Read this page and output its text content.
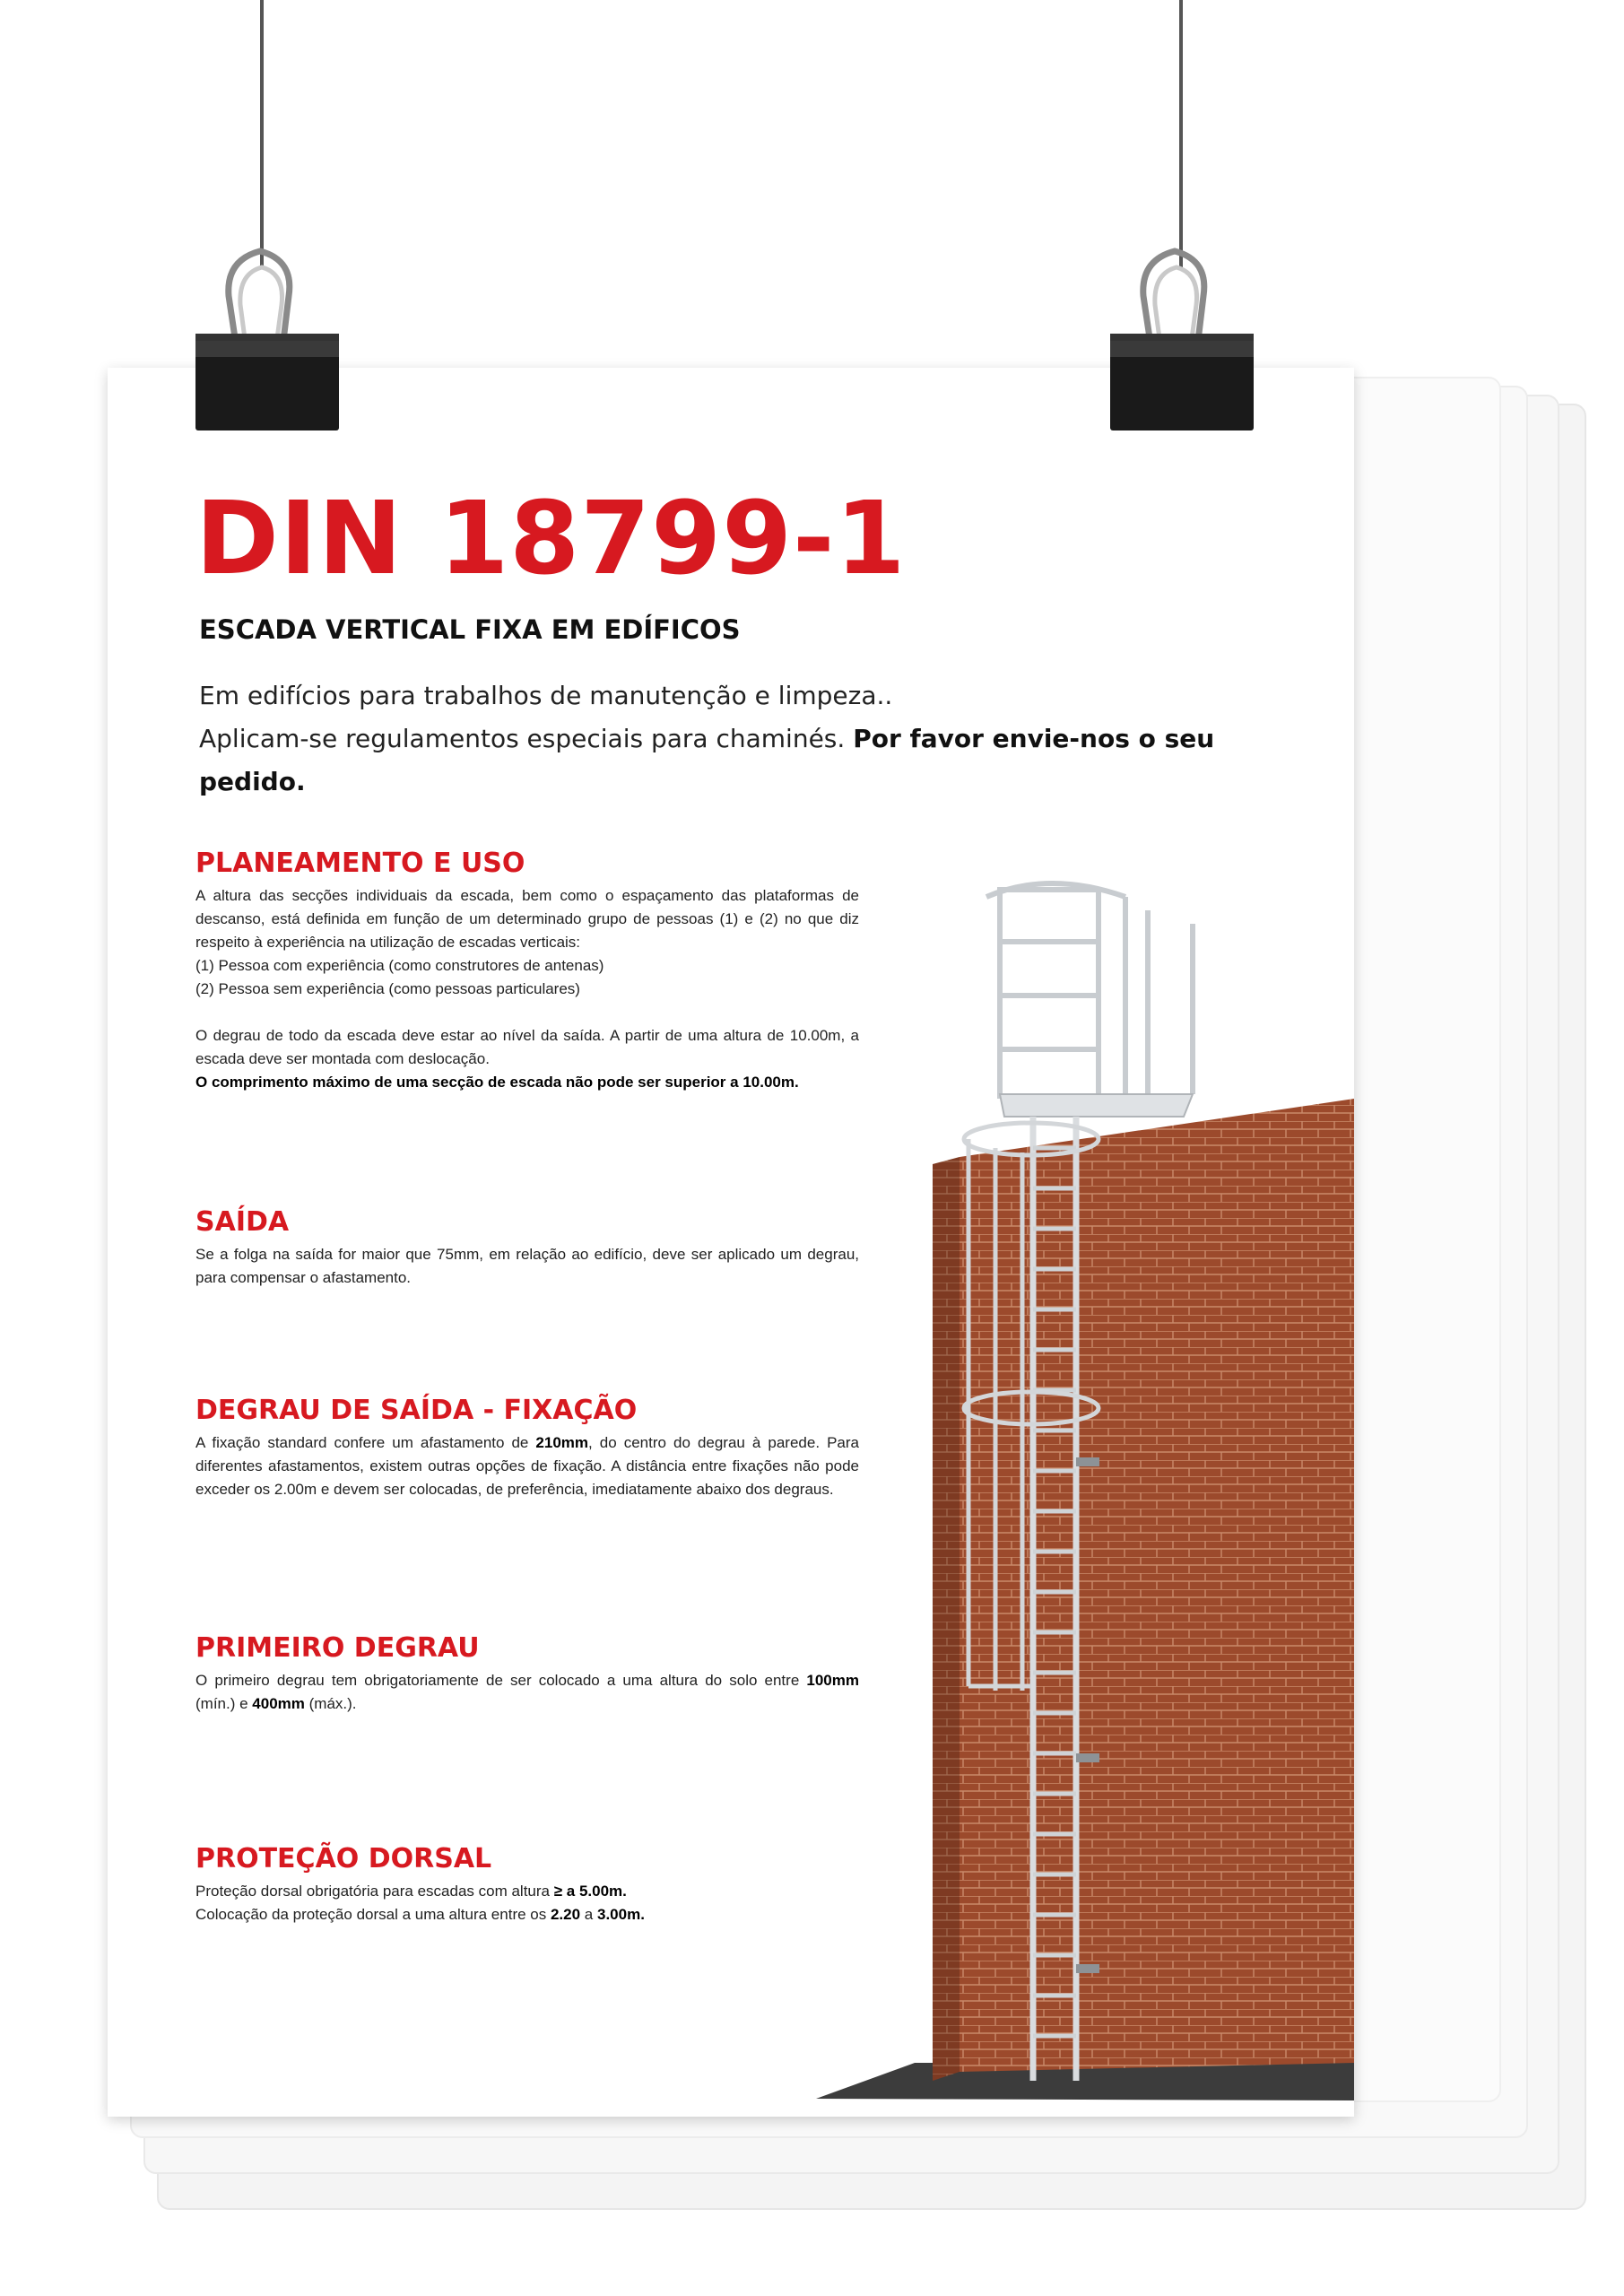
DIN 18799-1
ESCADA VERTICAL FIXA EM EDÍFICOS

Em edifícios para trabalhos de manutenção e limpeza..

Aplicam-se regulamentos especiais para chaminés. Por favor envie-nos o seu pedido.

PLANEAMENTO E USO

A altura das secções individuais da escada, bem como o espaçamento das plataformas de descanso, está definida em função de um determinado grupo de pessoas (1) e (2) no que diz respeito à experiência na utilização de escadas verticais:

(1) Pessoa com experiência (como construtores de antenas)

(2) Pessoa sem experiência (como pessoas particulares)

O degrau de todo da escada deve estar ao nível da saída. A partir de uma altura de 10.00m, a escada deve ser montada com deslocação.

O comprimento máximo de uma secção de escada não pode ser superior a 10.00m.

SAÍDA

Se a folga na saída for maior que 75mm, em relação ao edifício, deve ser aplicado um degrau, para compensar o afastamento.

DEGRAU DE SAÍDA - FIXAÇÃO

A fixação standard confere um afastamento de 210mm, do centro do degrau à parede. Para diferentes afastamentos, existem outras opções de fixação. A distância entre fixações não pode exceder os 2.00m e devem ser colocadas, de preferência, imediatamente abaixo dos degraus.

PRIMEIRO DEGRAU

O primeiro degrau tem obrigatoriamente de ser colocado a uma altura do solo entre 100mm (mín.) e 400mm (máx.).

PROTEÇÃO DORSAL

Proteção dorsal obrigatória para escadas com altura ≥ a 5.00m.

Colocação da proteção dorsal a uma altura entre os 2.20 a 3.00m.
